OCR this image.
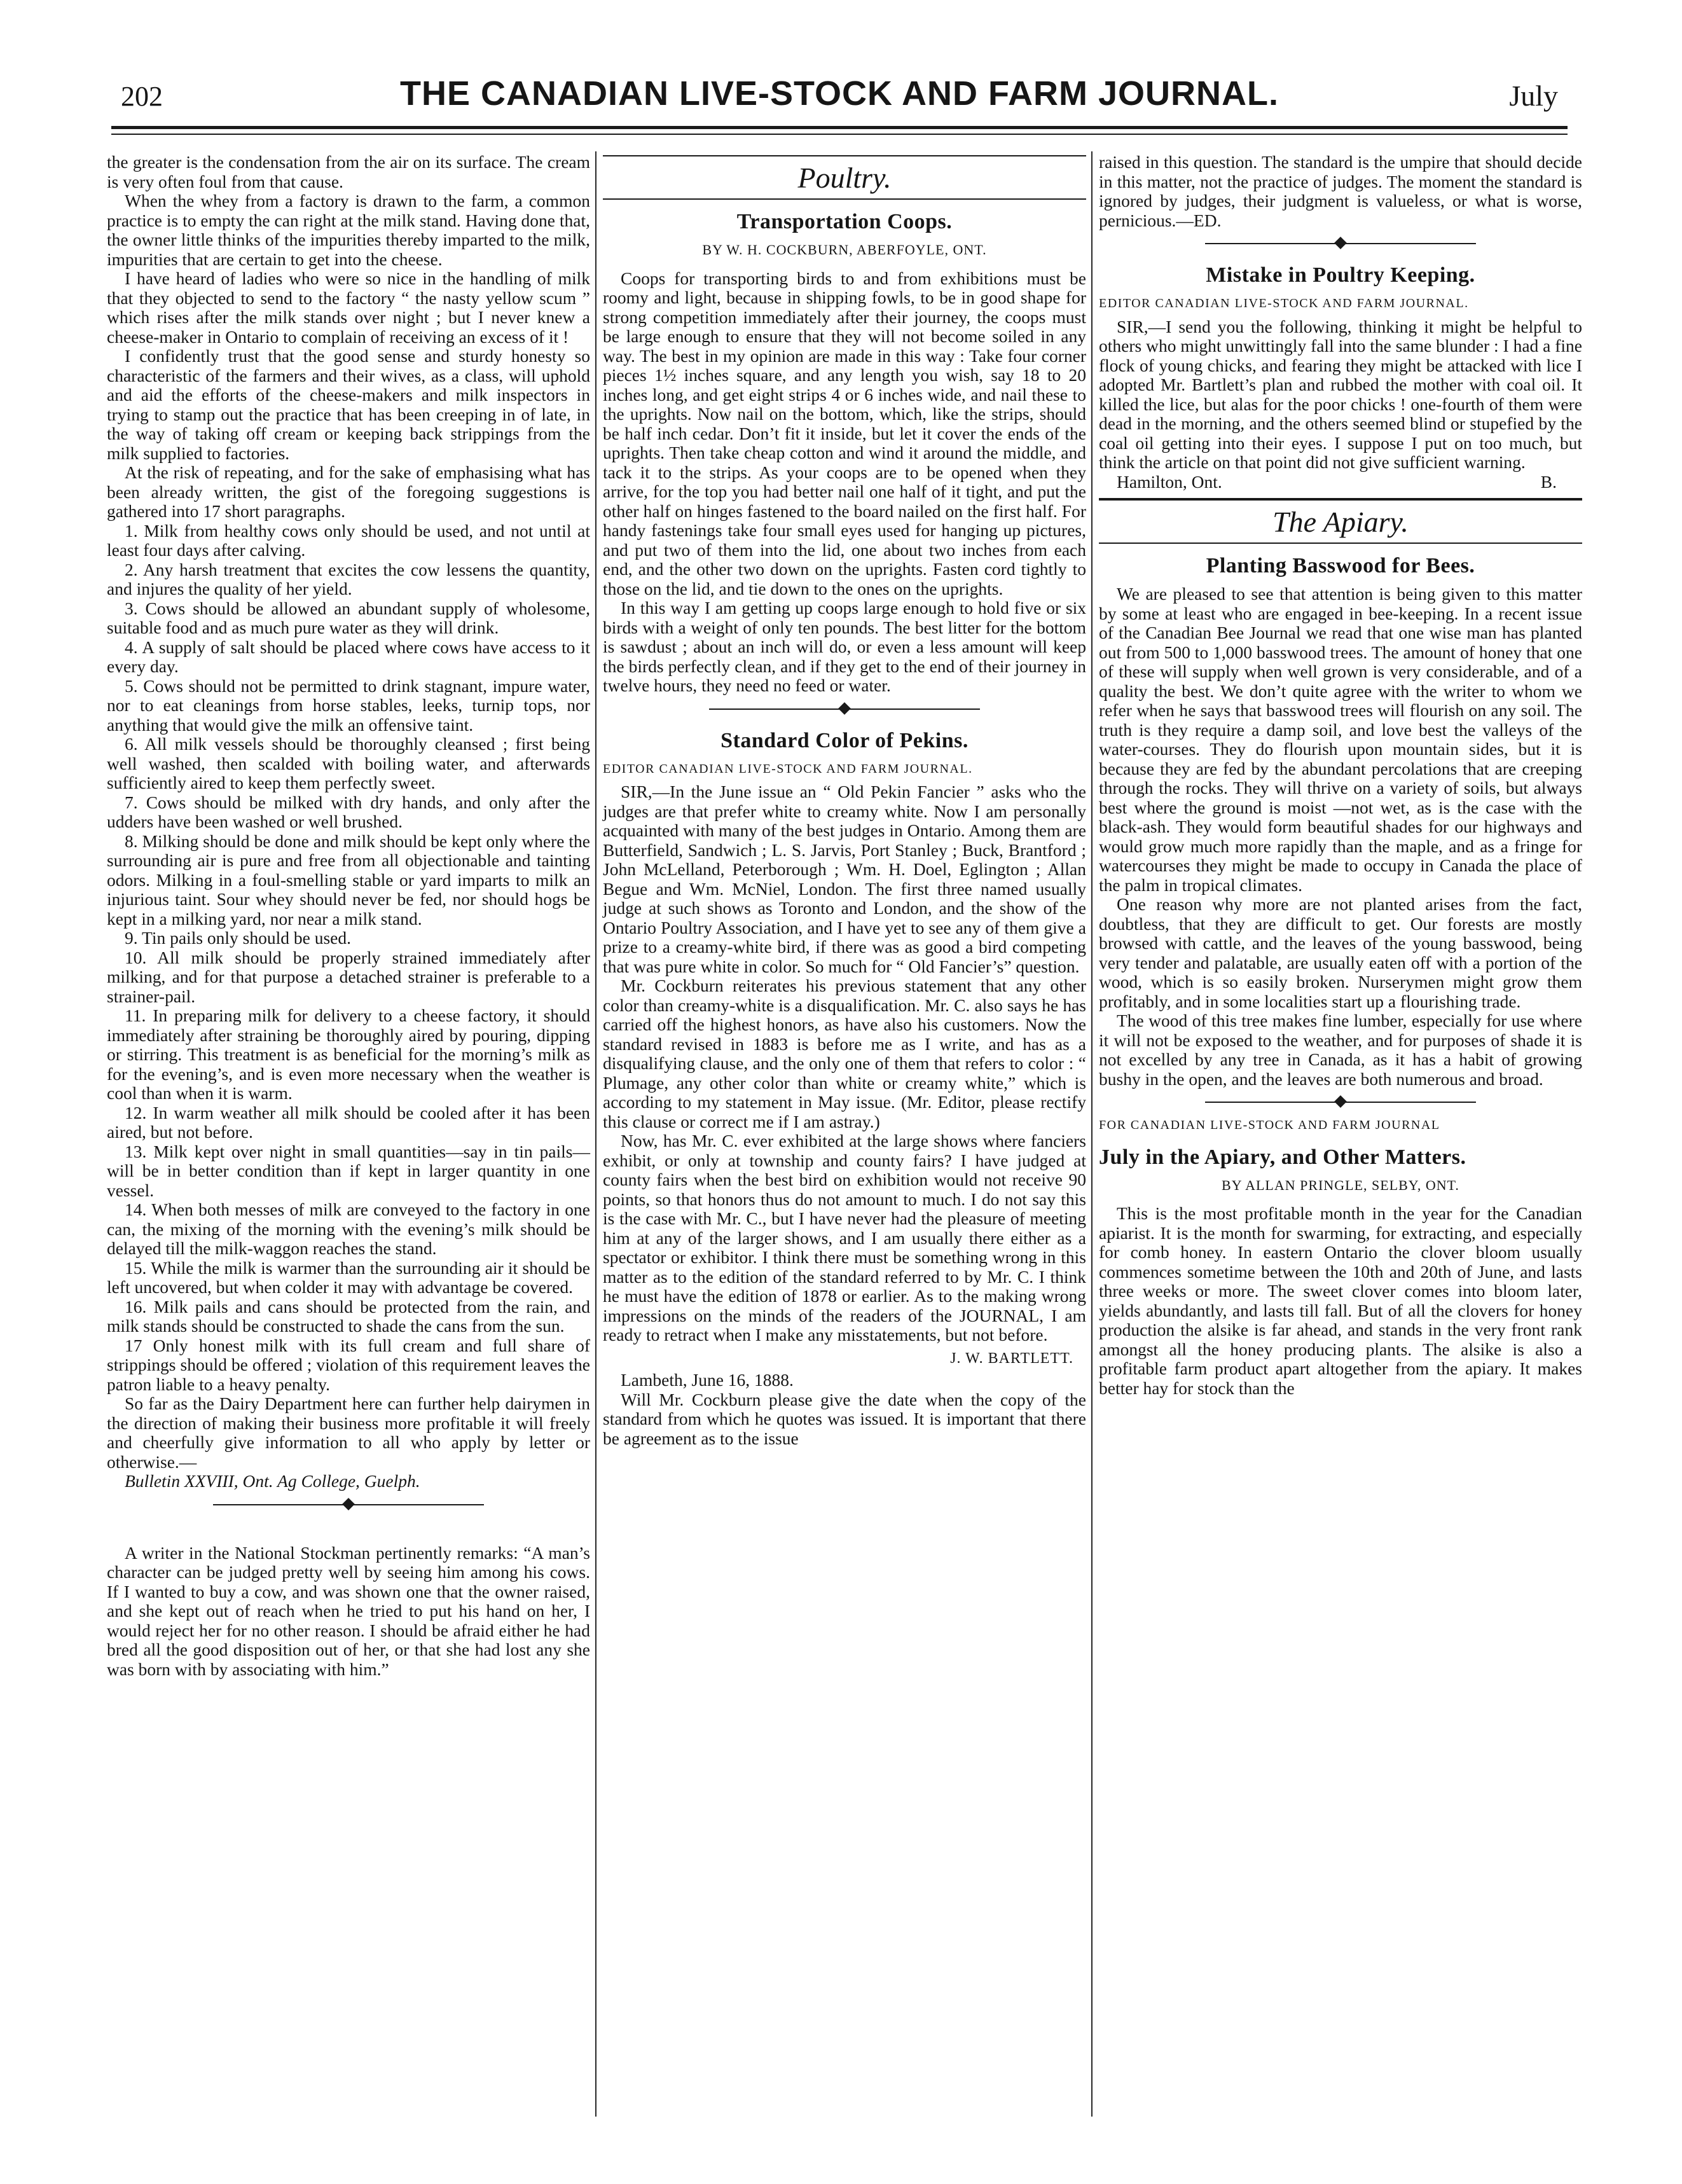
202	THE CANADIAN LIVE-STOCK AND FARM JOURNAL.	July

the greater is the condensation from the air on its surface. The cream is very often foul from that cause.

When the whey from a factory is drawn to the farm, a common practice is to empty the can right at the milk stand. Having done that, the owner little thinks of the impurities thereby imparted to the milk, impurities that are certain to get into the cheese.

I have heard of ladies who were so nice in the handling of milk that they objected to send to the factory “ the nasty yellow scum ” which rises after the milk stands over night ; but I never knew a cheese-maker in Ontario to complain of receiving an excess of it !

I confidently trust that the good sense and sturdy honesty so characteristic of the farmers and their wives, as a class, will uphold and aid the efforts of the cheese-makers and milk inspectors in trying to stamp out the practice that has been creeping in of late, in the way of taking off cream or keeping back strippings from the milk supplied to factories.

At the risk of repeating, and for the sake of emphasising what has been already written, the gist of the foregoing suggestions is gathered into 17 short paragraphs.

1. Milk from healthy cows only should be used, and not until at least four days after calving.

2. Any harsh treatment that excites the cow lessens the quantity, and injures the quality of her yield.

3. Cows should be allowed an abundant supply of wholesome, suitable food and as much pure water as they will drink.

4. A supply of salt should be placed where cows have access to it every day.

5. Cows should not be permitted to drink stagnant, impure water, nor to eat cleanings from horse stables, leeks, turnip tops, nor anything that would give the milk an offensive taint.

6. All milk vessels should be thoroughly cleansed ; first being well washed, then scalded with boiling water, and afterwards sufficiently aired to keep them perfectly sweet.

7. Cows should be milked with dry hands, and only after the udders have been washed or well brushed.

8. Milking should be done and milk should be kept only where the surrounding air is pure and free from all objectionable and tainting odors. Milking in a foul-smelling stable or yard imparts to milk an injurious taint. Sour whey should never be fed, nor should hogs be kept in a milking yard, nor near a milk stand.

9. Tin pails only should be used.

10. All milk should be properly strained immediately after milking, and for that purpose a detached strainer is preferable to a strainer-pail.

11. In preparing milk for delivery to a cheese factory, it should immediately after straining be thoroughly aired by pouring, dipping or stirring. This treatment is as beneficial for the morning’s milk as for the evening’s, and is even more necessary when the weather is cool than when it is warm.

12. In warm weather all milk should be cooled after it has been aired, but not before.

13. Milk kept over night in small quantities—say in tin pails—will be in better condition than if kept in larger quantity in one vessel.

14. When both messes of milk are conveyed to the factory in one can, the mixing of the morning with the evening’s milk should be delayed till the milk-waggon reaches the stand.

15. While the milk is warmer than the surrounding air it should be left uncovered, but when colder it may with advantage be covered.

16. Milk pails and cans should be protected from the rain, and milk stands should be constructed to shade the cans from the sun.

17 Only honest milk with its full cream and full share of strippings should be offered ; violation of this requirement leaves the patron liable to a heavy penalty.

So far as the Dairy Department here can further help dairymen in the direction of making their business more profitable it will freely and cheerfully give information to all who apply by letter or otherwise.—

Bulletin XXVIII, Ont. Ag College, Guelph.

A writer in the National Stockman pertinently remarks: “A man’s character can be judged pretty well by seeing him among his cows. If I wanted to buy a cow, and was shown one that the owner raised, and she kept out of reach when he tried to put his hand on her, I would reject her for no other reason. I should be afraid either he had bred all the good disposition out of her, or that she had lost any she was born with by associating with him.”

Poultry.
Transportation Coops.
BY W. H. COCKBURN, ABERFOYLE, ONT.

Coops for transporting birds to and from exhibitions must be roomy and light, because in shipping fowls, to be in good shape for strong competition immediately after their journey, the coops must be large enough to ensure that they will not become soiled in any way. The best in my opinion are made in this way : Take four corner pieces 1½ inches square, and any length you wish, say 18 to 20 inches long, and get eight strips 4 or 6 inches wide, and nail these to the uprights. Now nail on the bottom, which, like the strips, should be half inch cedar. Don’t fit it inside, but let it cover the ends of the uprights. Then take cheap cotton and wind it around the middle, and tack it to the strips. As your coops are to be opened when they arrive, for the top you had better nail one half of it tight, and put the other half on hinges fastened to the board nailed on the first half. For handy fastenings take four small eyes used for hanging up pictures, and put two of them into the lid, one about two inches from each end, and the other two down on the uprights. Fasten cord tightly to those on the lid, and tie down to the ones on the uprights.

In this way I am getting up coops large enough to hold five or six birds with a weight of only ten pounds. The best litter for the bottom is sawdust ; about an inch will do, or even a less amount will keep the birds perfectly clean, and if they get to the end of their journey in twelve hours, they need no feed or water.

Standard Color of Pekins.
EDITOR CANADIAN LIVE-STOCK AND FARM JOURNAL.

SIR,—In the June issue an “ Old Pekin Fancier ” asks who the judges are that prefer white to creamy white. Now I am personally acquainted with many of the best judges in Ontario. Among them are Butterfield, Sandwich ; L. S. Jarvis, Port Stanley ; Buck, Brantford ; John McLelland, Peterborough ; Wm. H. Doel, Eglington ; Allan Begue and Wm. McNiel, London. The first three named usually judge at such shows as Toronto and London, and the show of the Ontario Poultry Association, and I have yet to see any of them give a prize to a creamy-white bird, if there was as good a bird competing that was pure white in color. So much for “ Old Fancier’s” question.

Mr. Cockburn reiterates his previous statement that any other color than creamy-white is a disqualification. Mr. C. also says he has carried off the highest honors, as have also his customers. Now the standard revised in 1883 is before me as I write, and has as a disqualifying clause, and the only one of them that refers to color : “ Plumage, any other color than white or creamy white,” which is according to my statement in May issue. (Mr. Editor, please rectify this clause or correct me if I am astray.)

Now, has Mr. C. ever exhibited at the large shows where fanciers exhibit, or only at township and county fairs? I have judged at county fairs when the best bird on exhibition would not receive 90 points, so that honors thus do not amount to much. I do not say this is the case with Mr. C., but I have never had the pleasure of meeting him at any of the larger shows, and I am usually there either as a spectator or exhibitor. I think there must be something wrong in this matter as to the edition of the standard referred to by Mr. C. I think he must have the edition of 1878 or earlier. As to the making wrong impressions on the minds of the readers of the JOURNAL, I am ready to retract when I make any misstatements, but not before.

J. W. BARTLETT.

Lambeth, June 16, 1888.

Will Mr. Cockburn please give the date when the copy of the standard from which he quotes was issued. It is important that there be agreement as to the issue

raised in this question. The standard is the umpire that should decide in this matter, not the practice of judges. The moment the standard is ignored by judges, their judgment is valueless, or what is worse, pernicious.—ED.

Mistake in Poultry Keeping.
EDITOR CANADIAN LIVE-STOCK AND FARM JOURNAL.

SIR,—I send you the following, thinking it might be helpful to others who might unwittingly fall into the same blunder : I had a fine flock of young chicks, and fearing they might be attacked with lice I adopted Mr. Bartlett’s plan and rubbed the mother with coal oil. It killed the lice, but alas for the poor chicks ! one-fourth of them were dead in the morning, and the others seemed blind or stupefied by the coal oil getting into their eyes. I suppose I put on too much, but think the article on that point did not give sufficient warning.

Hamilton, Ont.	B.
The Apiary.
Planting Basswood for Bees.

We are pleased to see that attention is being given to this matter by some at least who are engaged in bee-keeping. In a recent issue of the Canadian Bee Journal we read that one wise man has planted out from 500 to 1,000 basswood trees. The amount of honey that one of these will supply when well grown is very considerable, and of a quality the best. We don’t quite agree with the writer to whom we refer when he says that basswood trees will flourish on any soil. The truth is they require a damp soil, and love best the valleys of the water-courses. They do flourish upon mountain sides, but it is because they are fed by the abundant percolations that are creeping through the rocks. They will thrive on a variety of soils, but always best where the ground is moist —not wet, as is the case with the black-ash. They would form beautiful shades for our highways and would grow much more rapidly than the maple, and as a fringe for watercourses they might be made to occupy in Canada the place of the palm in tropical climates.

One reason why more are not planted arises from the fact, doubtless, that they are difficult to get. Our forests are mostly browsed with cattle, and the leaves of the young basswood, being very tender and palatable, are usually eaten off with a portion of the wood, which is so easily broken. Nurserymen might grow them profitably, and in some localities start up a flourishing trade.

The wood of this tree makes fine lumber, especially for use where it will not be exposed to the weather, and for purposes of shade it is not excelled by any tree in Canada, as it has a habit of growing bushy in the open, and the leaves are both numerous and broad.

FOR CANADIAN LIVE-STOCK AND FARM JOURNAL
July in the Apiary, and Other Matters.
BY ALLAN PRINGLE, SELBY, ONT.

This is the most profitable month in the year for the Canadian apiarist. It is the month for swarming, for extracting, and especially for comb honey. In eastern Ontario the clover bloom usually commences sometime between the 10th and 20th of June, and lasts three weeks or more. The sweet clover comes into bloom later, yields abundantly, and lasts till fall. But of all the clovers for honey production the alsike is far ahead, and stands in the very front rank amongst all the honey producing plants. The alsike is also a profitable farm product apart altogether from the apiary. It makes better hay for stock than the
